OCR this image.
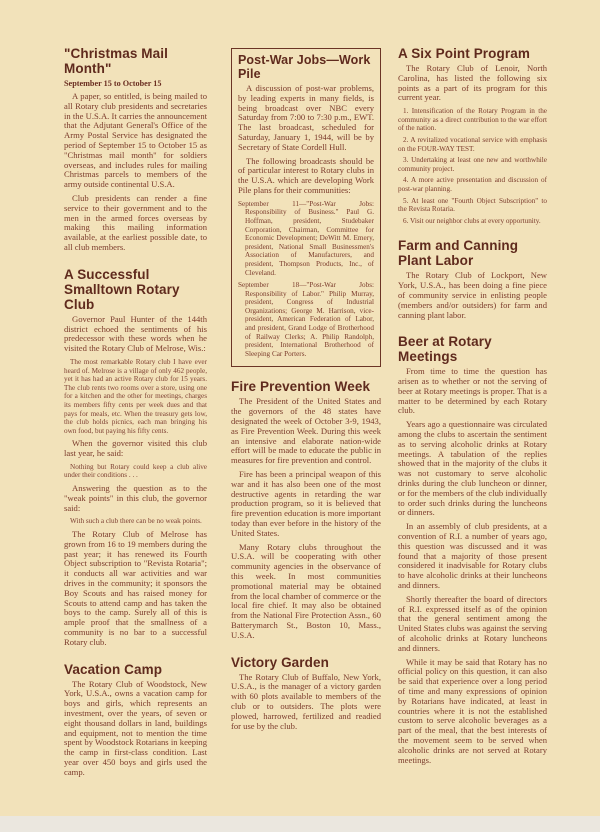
"Christmas Mail Month"
September 15 to October 15

A paper, so entitled, is being mailed to all Rotary club presidents and secretaries in the U.S.A. It carries the announcement that the Adjutant General's Office of the Army Postal Service has designated the period of September 15 to October 15 as "Christmas mail month" for soldiers overseas, and includes rules for mailing Christmas parcels to members of the army outside continental U.S.A.

Club presidents can render a fine service to their government and to the men in the armed forces overseas by making this mailing information available, at the earliest possible date, to all club members.

A Successful Smalltown Rotary Club

Governor Paul Hunter of the 144th district echoed the sentiments of his predecessor with these words when he visited the Rotary Club of Melrose, Wis.:

The most remarkable Rotary club I have ever heard of. Melrose is a village of only 462 people, yet it has had an active Rotary club for 15 years. The club rents two rooms over a store, using one for a kitchen and the other for meetings, charges its members fifty cents per week dues and that pays for meals, etc. When the treasury gets low, the club holds picnics, each man bringing his own food, but paying his fifty cents.

When the governor visited this club last year, he said:

Nothing but Rotary could keep a club alive under their conditions . . .

Answering the question as to the "weak points" in this club, the governor said:

With such a club there can be no weak points.

The Rotary Club of Melrose has grown from 16 to 19 members during the past year; it has renewed its Fourth Object subscription to "Revista Rotaria"; it conducts all war activities and war drives in the community; it sponsors the Boy Scouts and has raised money for Scouts to attend camp and has taken the boys to the camp. Surely all of this is ample proof that the smallness of a community is no bar to a successful Rotary club.

Vacation Camp

The Rotary Club of Woodstock, New York, U.S.A., owns a vacation camp for boys and girls, which represents an investment, over the years, of seven or eight thousand dollars in land, buildings and equipment, not to mention the time spent by Woodstock Rotarians in keeping the camp in first-class condition. Last year over 450 boys and girls used the camp.

Post-War Jobs—Work Pile

A discussion of post-war problems, by leading experts in many fields, is being broadcast over NBC every Saturday from 7:00 to 7:30 p.m., EWT. The last broadcast, scheduled for Saturday, January 1, 1944, will be by Secretary of State Cordell Hull.

The following broadcasts should be of particular interest to Rotary clubs in the U.S.A. which are developing Work Pile plans for their communities:

September 11—"Post-War Jobs: Responsibility of Business." Paul G. Hoffman, president, Studebaker Corporation, Chairman, Committee for Economic Development; DeWitt M. Emery, president, National Small Businessmen's Association of Manufacturers, and president, Thompson Products, Inc., of Cleveland.
September 18—"Post-War Jobs: Responsibility of Labor." Philip Murray, president, Congress of Industrial Organizations; George M. Harrison, vice-president, American Federation of Labor, and president, Grand Lodge of Brotherhood of Railway Clerks; A. Philip Randolph, president, International Brotherhood of Sleeping Car Porters.
Fire Prevention Week

The President of the United States and the governors of the 48 states have designated the week of October 3-9, 1943, as Fire Prevention Week. During this week an intensive and elaborate nation-wide effort will be made to educate the public in measures for fire prevention and control.

Fire has been a principal weapon of this war and it has also been one of the most destructive agents in retarding the war production program, so it is believed that fire prevention education is more important today than ever before in the history of the United States.

Many Rotary clubs throughout the U.S.A. will be cooperating with other community agencies in the observance of this week. In most communities promotional material may be obtained from the local chamber of commerce or the local fire chief. It may also be obtained from the National Fire Protection Assn., 60 Batterymarch St., Boston 10, Mass., U.S.A.

Victory Garden

The Rotary Club of Buffalo, New York, U.S.A., is the manager of a victory garden with 60 plots available to members of the club or to outsiders. The plots were plowed, harrowed, fertilized and readied for use by the club.

A Six Point Program

The Rotary Club of Lenoir, North Carolina, has listed the following six points as a part of its program for this current year.

1. Intensification of the Rotary Program in the community as a direct contribution to the war effort of the nation.
2. A revitalized vocational service with emphasis on the FOUR-WAY TEST.
3. Undertaking at least one new and worthwhile community project.
4. A more active presentation and discussion of post-war planning.
5. At least one "Fourth Object Subscription" to the Revista Rotaria.
6. Visit our neighbor clubs at every opportunity.
Farm and Canning Plant Labor

The Rotary Club of Lockport, New York, U.S.A., has been doing a fine piece of community service in enlisting people (members and/or outsiders) for farm and canning plant labor.

Beer at Rotary Meetings

From time to time the question has arisen as to whether or not the serving of beer at Rotary meetings is proper. That is a matter to be determined by each Rotary club.

Years ago a questionnaire was circulated among the clubs to ascertain the sentiment as to serving alcoholic drinks at Rotary meetings. A tabulation of the replies showed that in the majority of the clubs it was not customary to serve alcoholic drinks during the club luncheon or dinner, or for the members of the club individually to order such drinks during the luncheons or dinners.

In an assembly of club presidents, at a convention of R.I. a number of years ago, this question was discussed and it was found that a majority of those present considered it inadvisable for Rotary clubs to have alcoholic drinks at their luncheons and dinners.

Shortly thereafter the board of directors of R.I. expressed itself as of the opinion that the general sentiment among the United States clubs was against the serving of alcoholic drinks at Rotary luncheons and dinners.

While it may be said that Rotary has no official policy on this question, it can also be said that experience over a long period of time and many expressions of opinion by Rotarians have indicated, at least in countries where it is not the established custom to serve alcoholic beverages as a part of the meal, that the best interests of the movement seem to be served when alcoholic drinks are not served at Rotary meetings.
